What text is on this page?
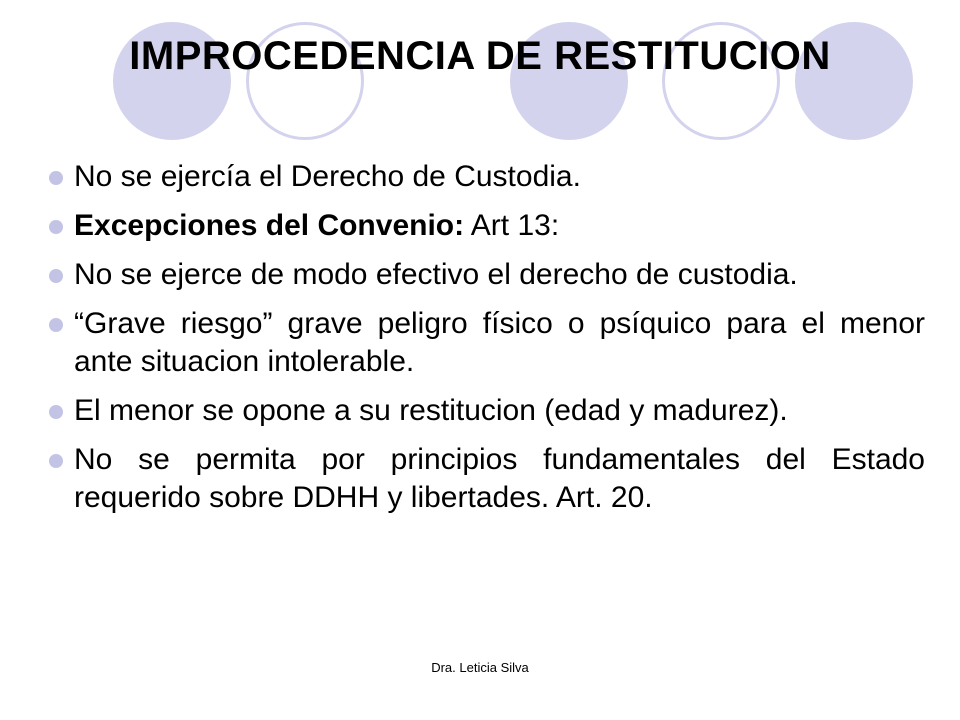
IMPROCEDENCIA DE RESTITUCION
No se ejercía el Derecho de Custodia.
Excepciones del Convenio: Art 13:
No se ejerce de modo efectivo el derecho de custodia.
“Grave riesgo” grave peligro físico o psíquico para el menor ante situacion intolerable.
El menor se opone a su restitucion (edad y madurez).
No se permita por principios fundamentales del Estado requerido sobre DDHH y libertades. Art. 20.
Dra. Leticia Silva
